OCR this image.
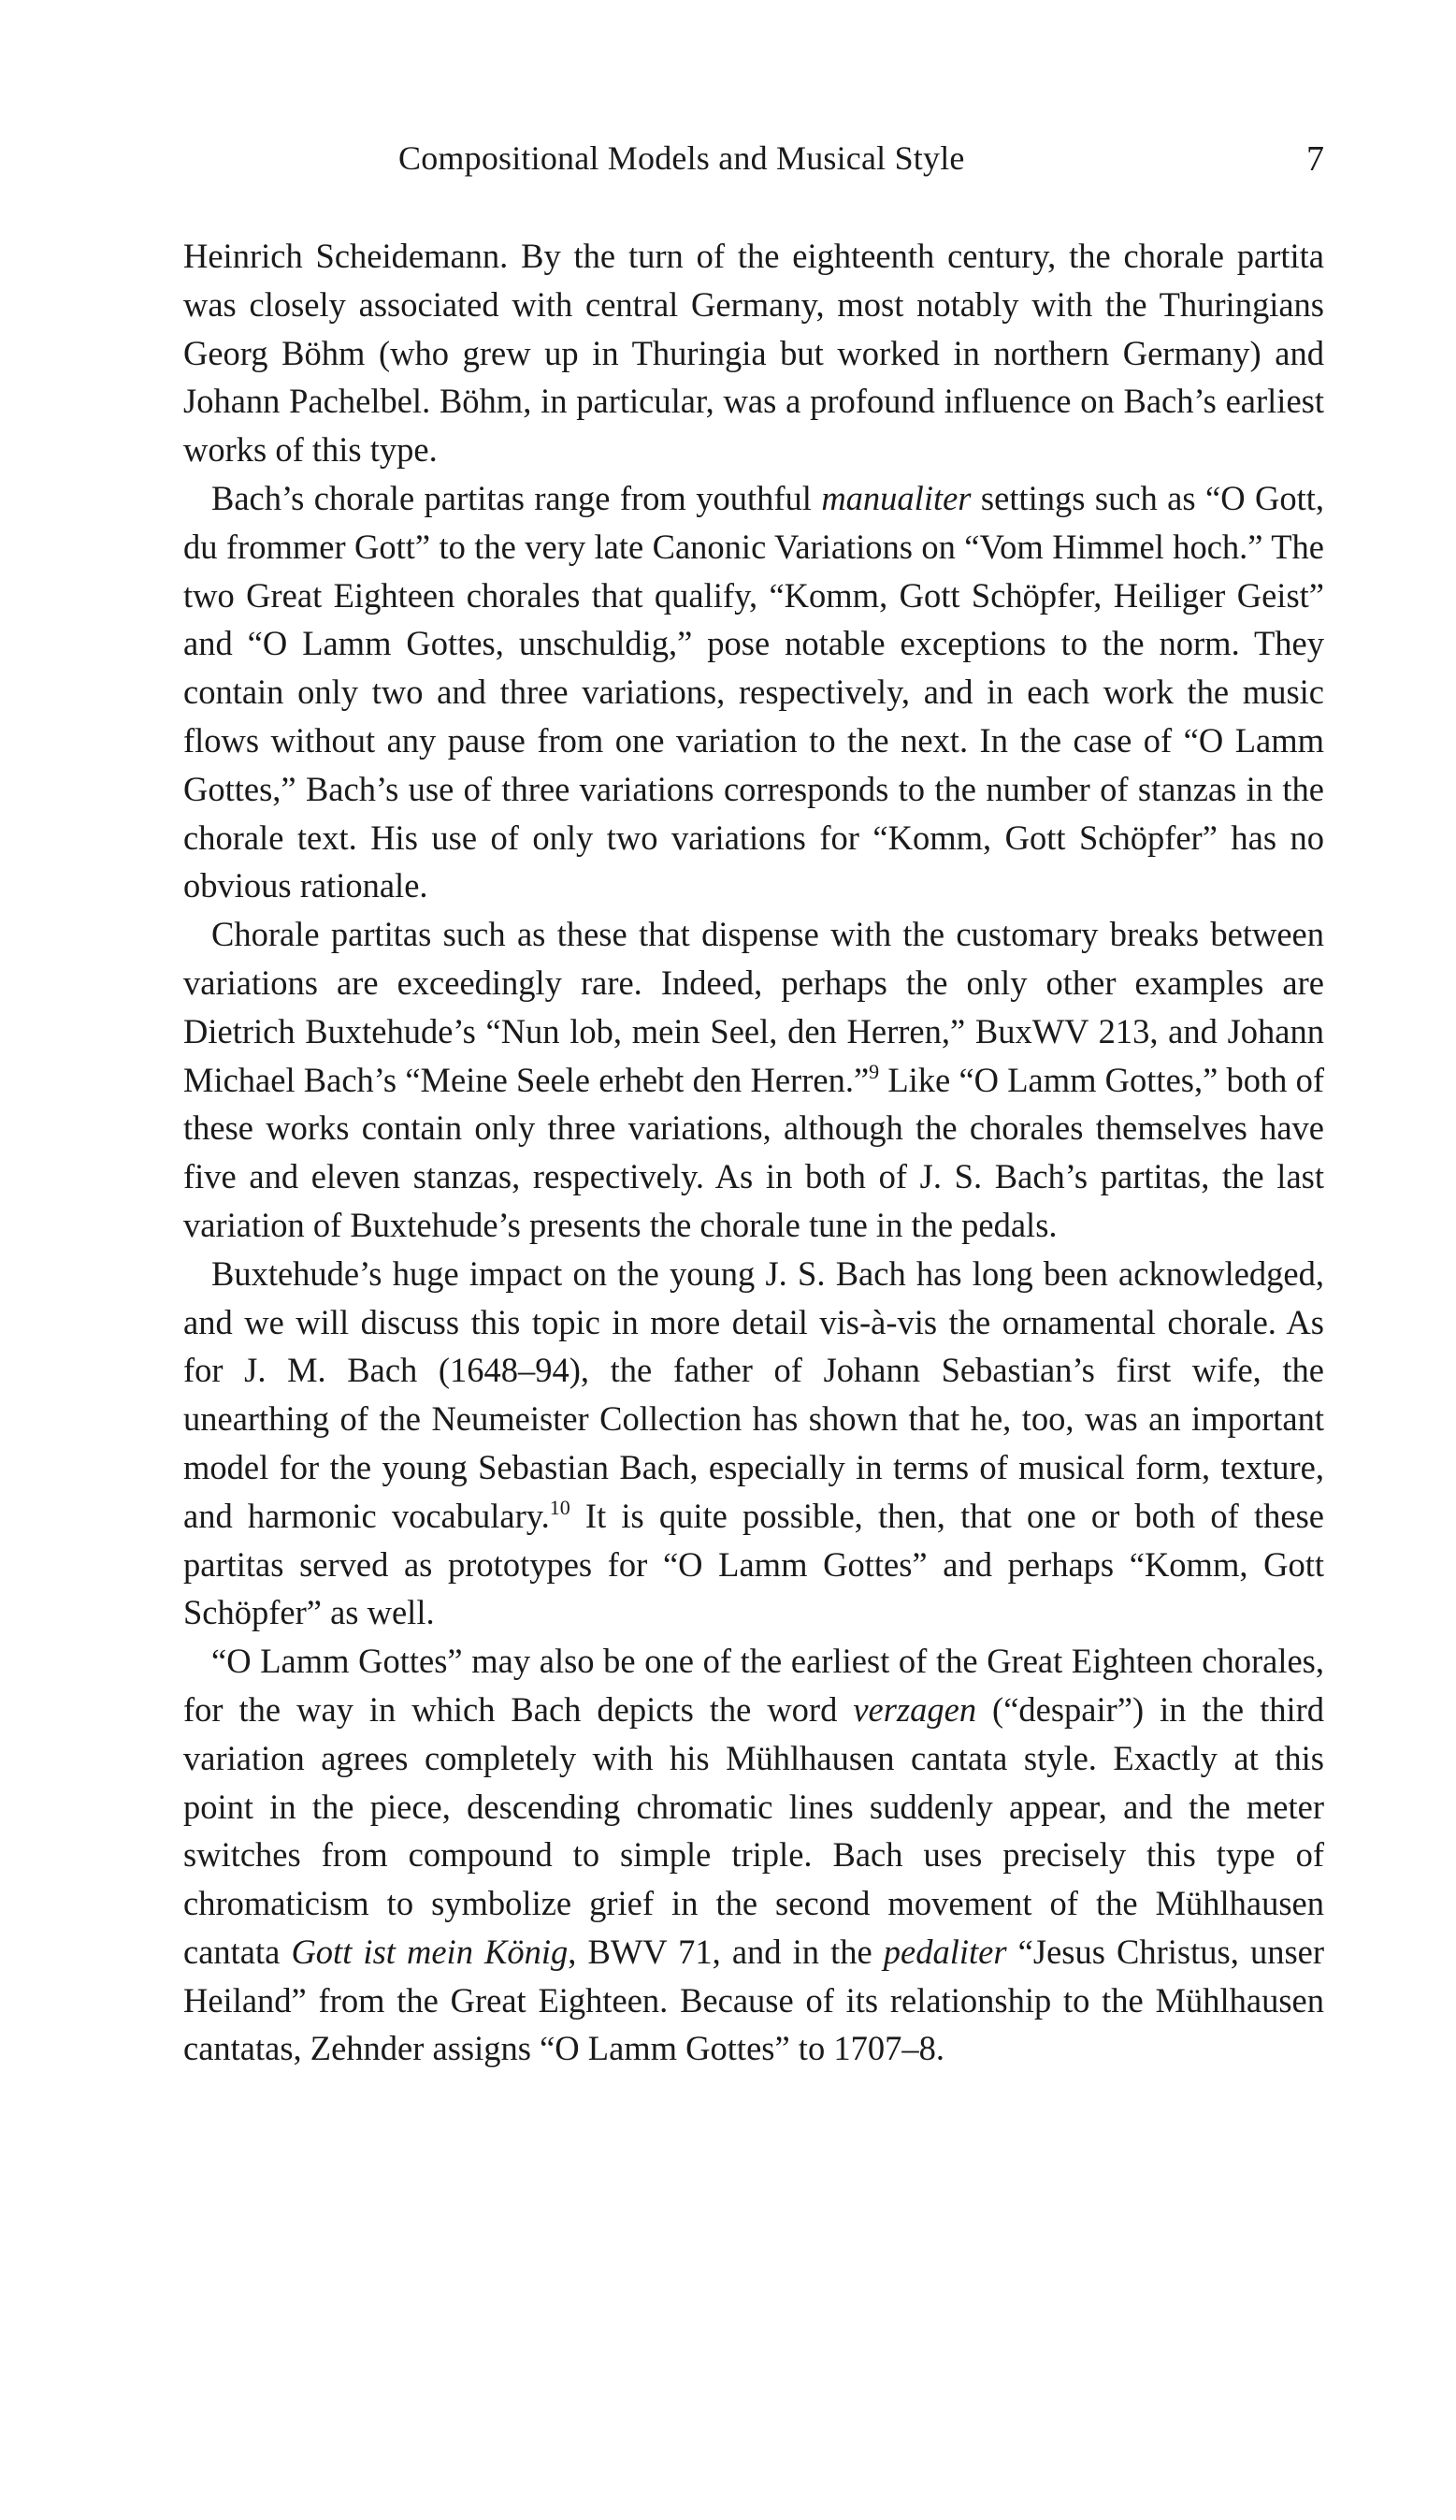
Compositional Models and Musical Style	7

Heinrich Scheidemann. By the turn of the eighteenth century, the chorale partita was closely associated with central Germany, most notably with the Thuringians Georg Böhm (who grew up in Thuringia but worked in northern Germany) and Johann Pachelbel. Böhm, in particular, was a profound influence on Bach’s earliest works of this type.

Bach’s chorale partitas range from youthful manualiter settings such as “O Gott, du frommer Gott” to the very late Canonic Variations on “Vom Himmel hoch.” The two Great Eighteen chorales that qualify, “Komm, Gott Schöpfer, Heiliger Geist” and “O Lamm Gottes, unschuldig,” pose notable exceptions to the norm. They contain only two and three variations, respectively, and in each work the music flows without any pause from one variation to the next. In the case of “O Lamm Gottes,” Bach’s use of three variations corresponds to the number of stanzas in the chorale text. His use of only two variations for “Komm, Gott Schöpfer” has no obvious rationale.

Chorale partitas such as these that dispense with the customary breaks between variations are exceedingly rare. Indeed, perhaps the only other examples are Dietrich Buxtehude’s “Nun lob, mein Seel, den Herren,” BuxWV 213, and Johann Michael Bach’s “Meine Seele erhebt den Herren.”$^9$ Like “O Lamm Gottes,” both of these works contain only three variations, although the chorales themselves have five and eleven stanzas, respectively. As in both of J. S. Bach’s partitas, the last variation of Buxtehude’s presents the chorale tune in the pedals.

Buxtehude’s huge impact on the young J. S. Bach has long been acknowledged, and we will discuss this topic in more detail vis-à-vis the ornamental chorale. As for J. M. Bach (1648–94), the father of Johann Sebastian’s first wife, the unearthing of the Neumeister Collection has shown that he, too, was an important model for the young Sebastian Bach, especially in terms of musical form, texture, and harmonic vocabulary.$^{10}$ It is quite possible, then, that one or both of these partitas served as prototypes for “O Lamm Gottes” and perhaps “Komm, Gott Schöpfer” as well.

“O Lamm Gottes” may also be one of the earliest of the Great Eighteen chorales, for the way in which Bach depicts the word verzagen (“despair”) in the third variation agrees completely with his Mühlhausen cantata style. Exactly at this point in the piece, descending chromatic lines suddenly appear, and the meter switches from compound to simple triple. Bach uses precisely this type of chromaticism to symbolize grief in the second movement of the Mühlhausen cantata Gott ist mein König, BWV 71, and in the pedaliter “Jesus Christus, unser Heiland” from the Great Eighteen. Because of its relationship to the Mühlhausen cantatas, Zehnder assigns “O Lamm Gottes” to 1707–8.
